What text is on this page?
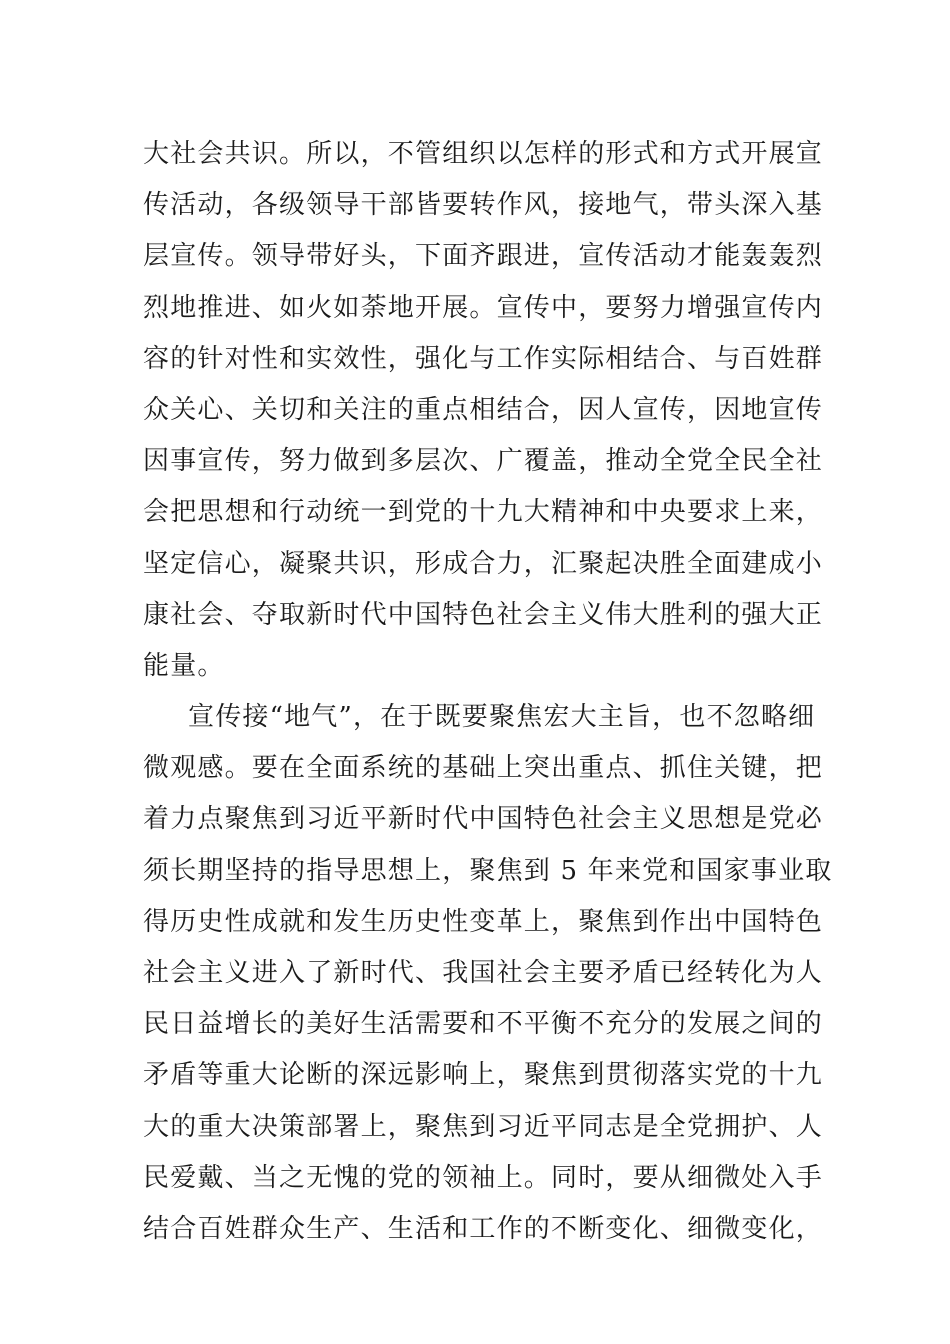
大社会共识。所以，不管组织以怎样的形式和方式开展宣
传活动，各级领导干部皆要转作风，接地气，带头深入基
层宣传。领导带好头，下面齐跟进，宣传活动才能轰轰烈
烈地推进、如火如荼地开展。宣传中，要努力增强宣传内
容的针对性和实效性，强化与工作实际相结合、与百姓群
众关心、关切和关注的重点相结合，因人宣传，因地宣传
因事宣传，努力做到多层次、广覆盖，推动全党全民全社
会把思想和行动统一到党的十九大精神和中央要求上来，
坚定信心，凝聚共识，形成合力，汇聚起决胜全面建成小
康社会、夺取新时代中国特色社会主义伟大胜利的强大正
能量。
宣传接“地气”，在于既要聚焦宏大主旨，也不忽略细
微观感。要在全面系统的基础上突出重点、抓住关键，把
着力点聚焦到习近平新时代中国特色社会主义思想是党必
须长期坚持的指导思想上，聚焦到 5 年来党和国家事业取
得历史性成就和发生历史性变革上，聚焦到作出中国特色
社会主义进入了新时代、我国社会主要矛盾已经转化为人
民日益增长的美好生活需要和不平衡不充分的发展之间的
矛盾等重大论断的深远影响上，聚焦到贯彻落实党的十九
大的重大决策部署上，聚焦到习近平同志是全党拥护、人
民爱戴、当之无愧的党的领袖上。同时，要从细微处入手
结合百姓群众生产、生活和工作的不断变化、细微变化，
